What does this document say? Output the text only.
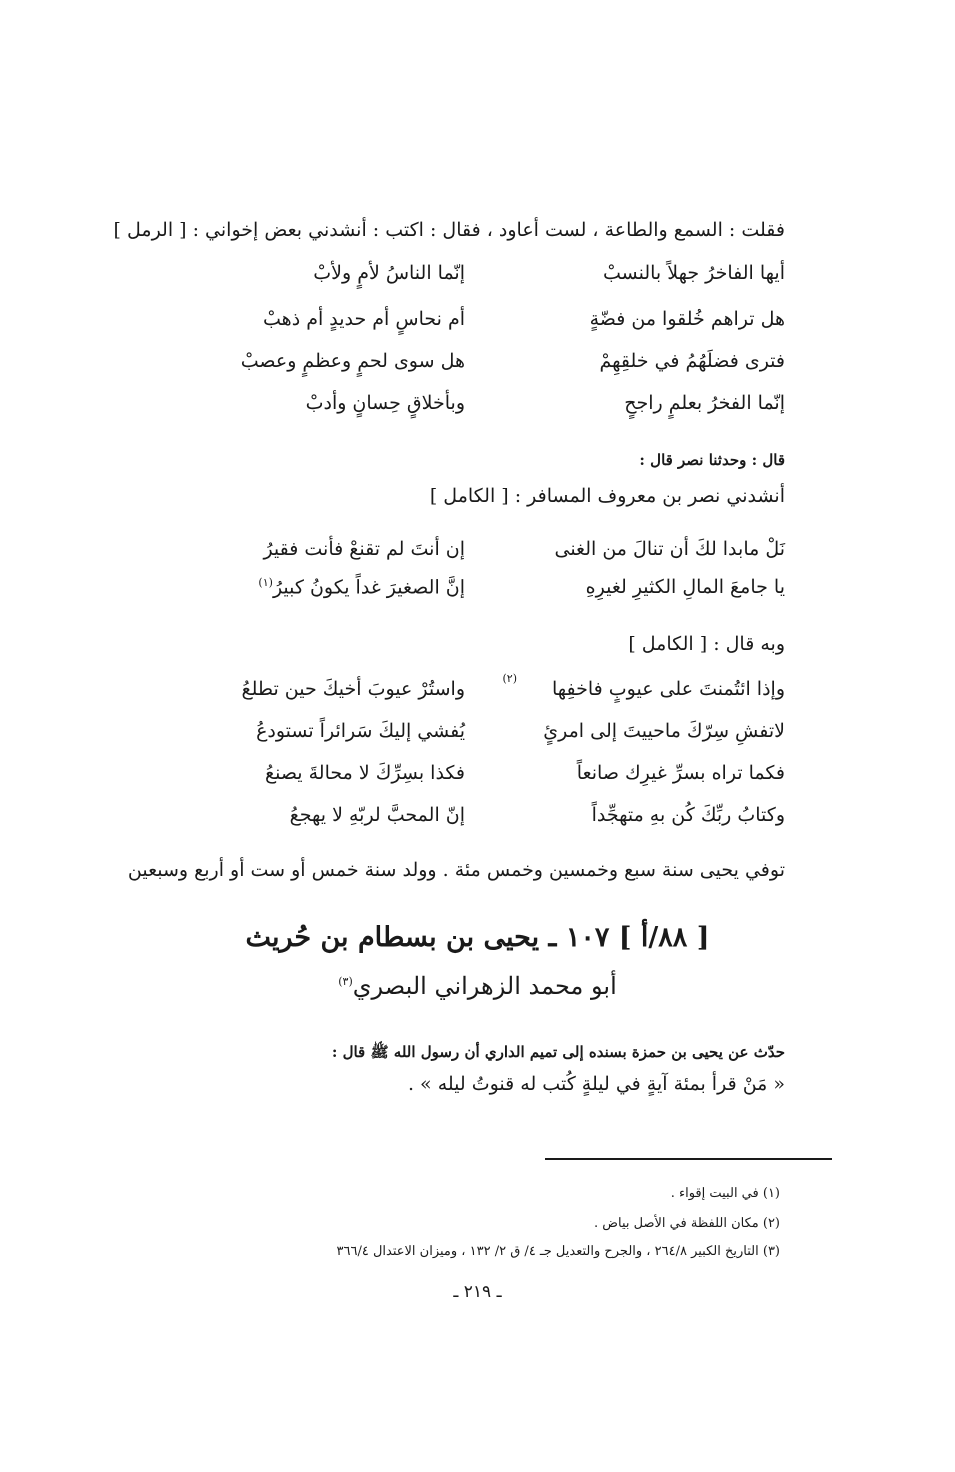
فقلت : السمع والطاعة ، لست أعاود ، فقال : اكتب : أنشدني بعض إخواني : [ الرمل ]
أيها الفاخرُ جهلاً بالنسبْ
إنّما الناسُ لأمٍ ولأبْ
هل تراهم خُلقوا من فضّةٍ
أم نحاسٍ أم حديدٍ أم ذهبْ
فترى فضلَهُمُ في خلقِهِمْ
هل سوى لحمٍ وعظمٍ وعصبْ
إنّما الفخرُ بعلمٍ راجحٍ
وبأخلاقٍ حِسانٍ وأدبْ
قال : وحدثنا نصر قال :
أنشدني نصر بن معروف المسافر : [ الكامل ]
نَلْ مابدا لكَ أن تنالَ من الغنى
إن أنتَ لم تقنعْ فأنت فقيرُ
يا جامعَ المالِ الكثيرِ لغيرِهِ
إنَّ الصغيرَ غداً يكونُ كبيرُ$^{(١)}$
وبه قال : [ الكامل ]
وإذا ائتُمنتَ على عيوبٍ فاخفِها
واستُرْ عيوبَ أخيكَ حين تطلعُ
لاتفشِ سِرّكَ ماحييتَ إلى امرئٍ
يُفشي إليكَ سَرائراً تستودعُ
فكما تراه بسرِّ غيرِك صانعاً
فكذا بسِرِّكَ لا محالةَ يصنعُ
وكتابُ ربِّكَ كُن بهِ متهجِّداً
إنّ المحبَّ لربّهِ لا يهجعُ
(٢)
توفي يحيى سنة سبع وخمسين وخمس مئة . وولد سنة خمس أو ست أو أربع وسبعين
[ ٨٨/أ ] ١٠٧ ـ يحيى بن بسطام بن حُريث
أبو محمد الزهراني البصري$^{(٣)}$
حدّث عن يحيى بن حمزة بسنده إلى تميم الداري أن رسول الله ﷺ قال :
« مَنْ قرأ بمئة آيةٍ في ليلةٍ كُتب له قنوتُ ليله » .
(١) في البيت إقواء .
(٢) مكان اللفظة في الأصل بياض .
(٣) التاريخ الكبير ٢٦٤/٨ ، والجرح والتعديل جـ ٤/ ق ٢/ ١٣٢ ، وميزان الاعتدال ٣٦٦/٤
ـ ٢١٩ ـ
